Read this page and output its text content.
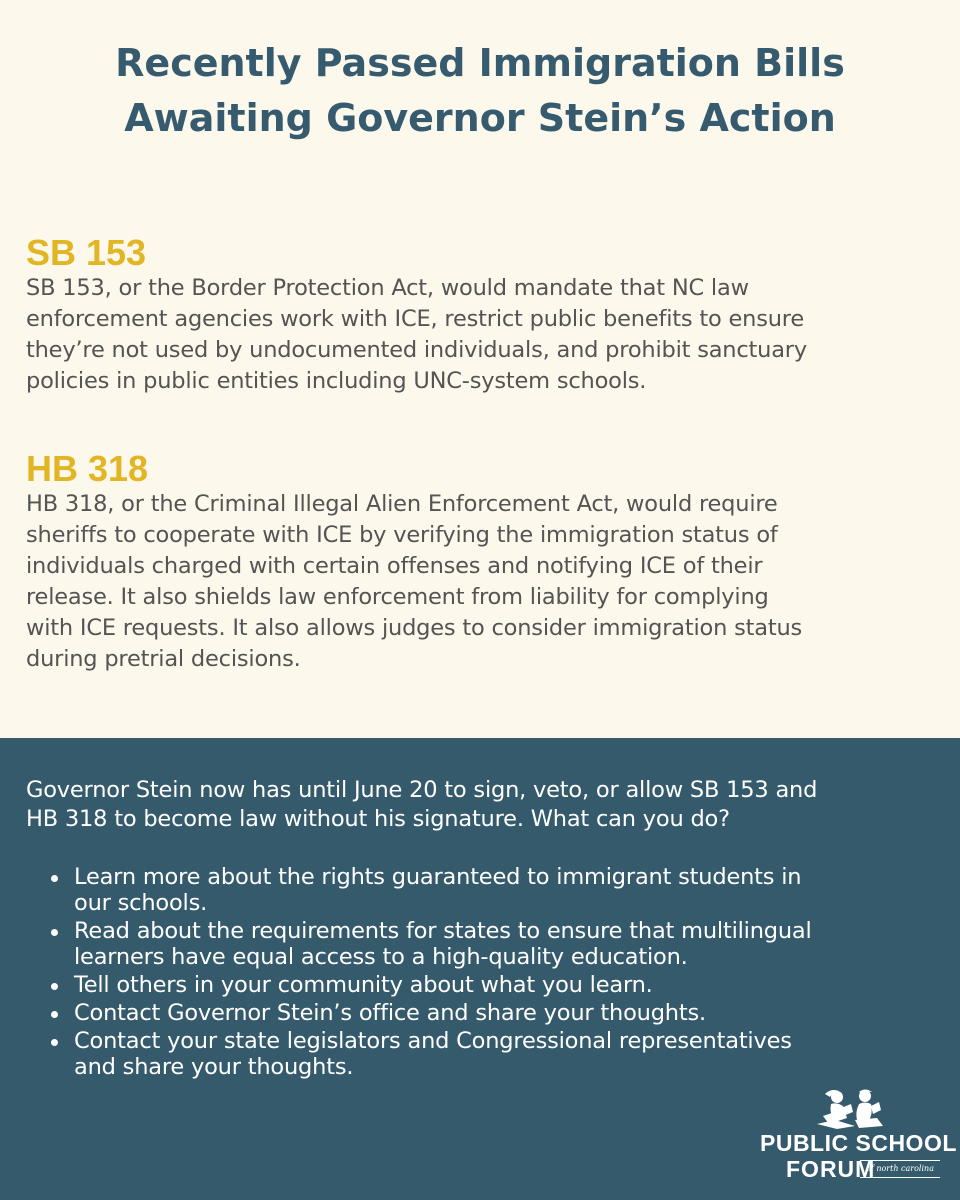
Recently Passed Immigration Bills
Awaiting Governor Stein’s Action
SB 153

SB 153, or the Border Protection Act, would mandate that NC law
enforcement agencies work with ICE, restrict public benefits to ensure
they’re not used by undocumented individuals, and prohibit sanctuary
policies in public entities including UNC-system schools.

HB 318

HB 318, or the Criminal Illegal Alien Enforcement Act, would require
sheriffs to cooperate with ICE by verifying the immigration status of
individuals charged with certain offenses and notifying ICE of their
release. It also shields law enforcement from liability for complying
with ICE requests. It also allows judges to consider immigration status
during pretrial decisions.

Governor Stein now has until June 20 to sign, veto, or allow SB 153 and
HB 318 to become law without his signature. What can you do?

Learn more about the rights guaranteed to immigrant students in
our schools.
Read about the requirements for states to ensure that multilingual
learners have equal access to a high-quality education.
Tell others in your community about what you learn.
Contact Governor Stein’s office and share your thoughts.
Contact your state legislators and Congressional representatives
and share your thoughts.
PUBLIC SCHOOL
FORUM
of north carolina
